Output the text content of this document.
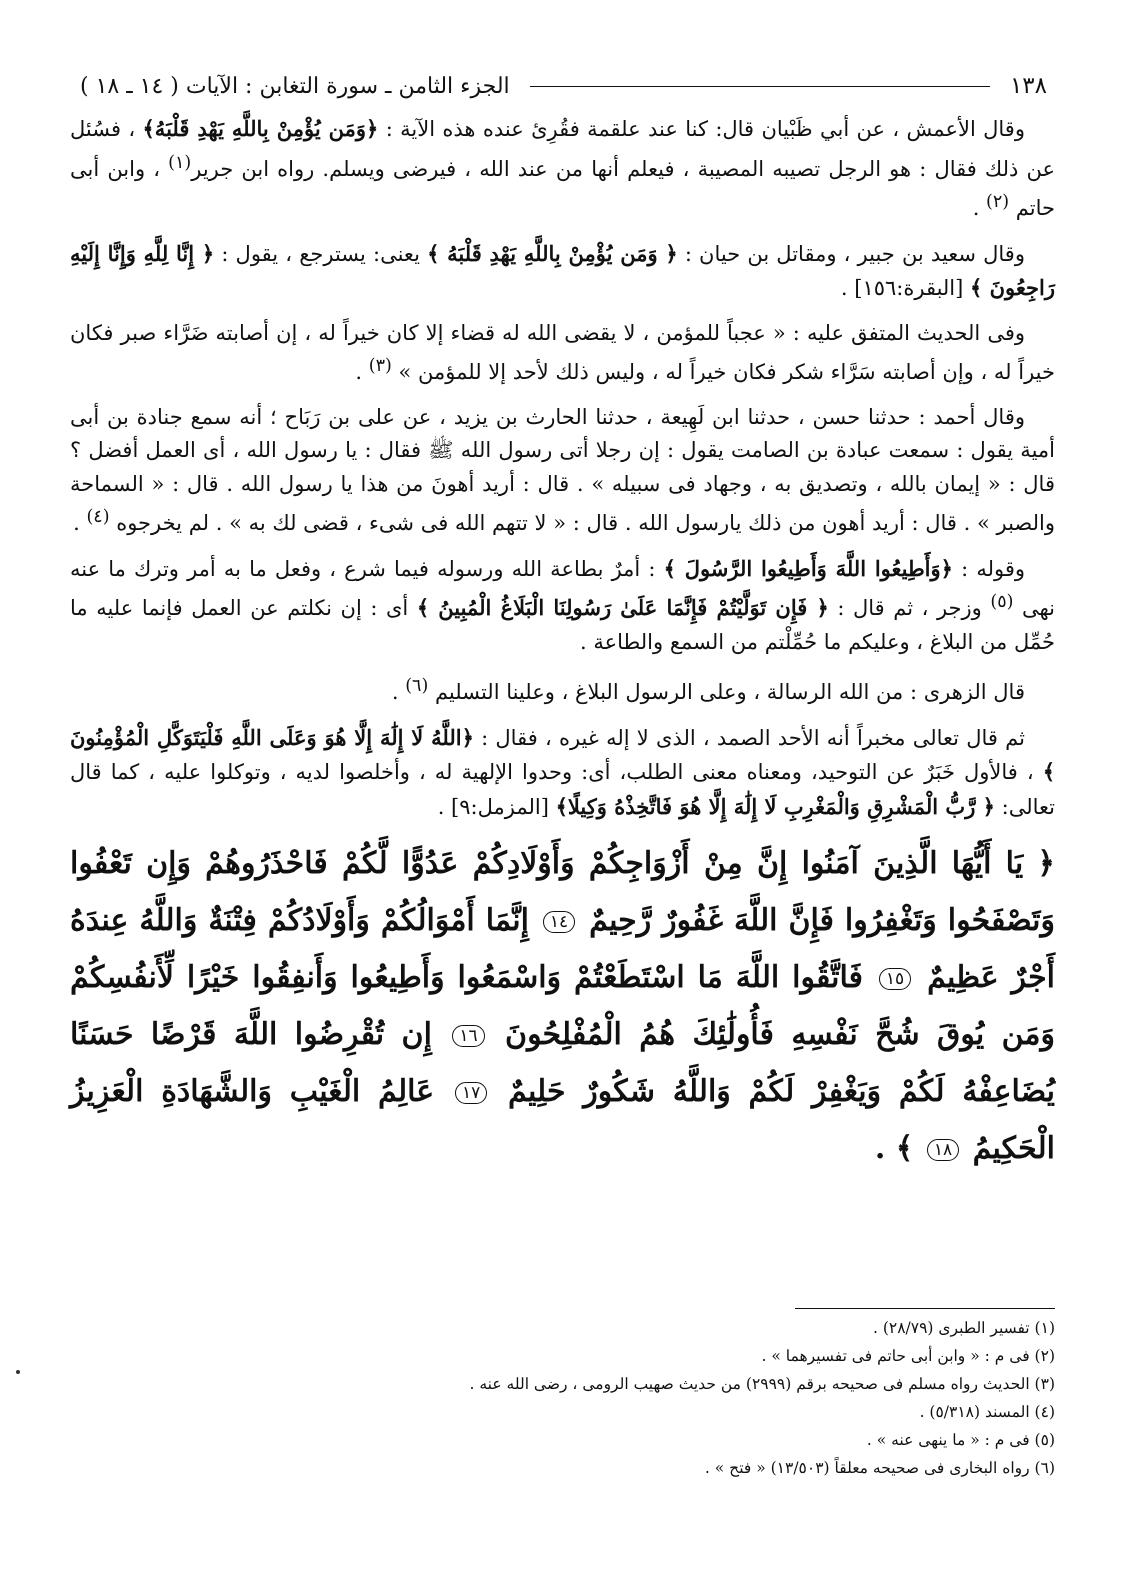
١٣٨
الجزء الثامن ـ سورة التغابن : الآيات ( ١٤ ـ ١٨ )

وقال الأعمش ، عن أبي ظَبْيان قال: كنا عند علقمة فقُرِئ عنده هذه الآية : ﴿وَمَن يُؤْمِنْ بِاللَّهِ يَهْدِ قَلْبَهُ﴾ ، فسُئل عن ذلك فقال : هو الرجل تصيبه المصيبة ، فيعلم أنها من عند الله ، فيرضى ويسلم. رواه ابن جرير$^{(١)}$ ، وابن أبى حاتم $^{(٢)}$ .

وقال سعيد بن جبير ، ومقاتل بن حيان : ﴿ وَمَن يُؤْمِنْ بِاللَّهِ يَهْدِ قَلْبَهُ ﴾ يعنى: يسترجع ، يقول : ﴿ إِنَّا لِلَّهِ وَإِنَّا إِلَيْهِ رَاجِعُونَ ﴾ [البقرة:١٥٦] .

وفى الحديث المتفق عليه : « عجباً للمؤمن ، لا يقضى الله له قضاء إلا كان خيراً له ، إن أصابته ضَرَّاء صبر فكان خيراً له ، وإن أصابته سَرَّاء شكر فكان خيراً له ، وليس ذلك لأحد إلا للمؤمن » $^{(٣)}$ .

وقال أحمد : حدثنا حسن ، حدثنا ابن لَهِيعة ، حدثنا الحارث بن يزيد ، عن على بن رَبَاح ؛ أنه سمع جنادة بن أبى أمية يقول : سمعت عبادة بن الصامت يقول : إن رجلا أتى رسول الله ﷺ فقال : يا رسول الله ، أى العمل أفضل ؟ قال : « إيمان بالله ، وتصديق به ، وجهاد فى سبيله » . قال : أريد أهونَ من هذا يا رسول الله . قال : « السماحة والصبر » . قال : أريد أهون من ذلك يارسول الله . قال : « لا تتهم الله فى شىء ، قضى لك به » . لم يخرجوه $^{(٤)}$ .

وقوله : ﴿وَأَطِيعُوا اللَّهَ وَأَطِيعُوا الرَّسُولَ ﴾ : أمرٌ بطاعة الله ورسوله فيما شرع ، وفعل ما به أمر وترك ما عنه نهى $^{(٥)}$ وزجر ، ثم قال : ﴿ فَإِن تَوَلَّيْتُمْ فَإِنَّمَا عَلَىٰ رَسُولِنَا الْبَلَاغُ الْمُبِينُ ﴾ أى : إن نكلتم عن العمل فإنما عليه ما حُمِّل من البلاغ ، وعليكم ما حُمِّلْتم من السمع والطاعة .

قال الزهرى : من الله الرسالة ، وعلى الرسول البلاغ ، وعلينا التسليم $^{(٦)}$ .

ثم قال تعالى مخبراً أنه الأحد الصمد ، الذى لا إله غيره ، فقال : ﴿اللَّهُ لَا إِلَٰهَ إِلَّا هُوَ وَعَلَى اللَّهِ فَلْيَتَوَكَّلِ الْمُؤْمِنُونَ ﴾ ، فالأول خَبَرٌ عن التوحيد، ومعناه معنى الطلب، أى: وحدوا الإلهية له ، وأخلصوا لديه ، وتوكلوا عليه ، كما قال تعالى: ﴿ رَّبُّ الْمَشْرِقِ وَالْمَغْرِبِ لَا إِلَٰهَ إِلَّا هُوَ فَاتَّخِذْهُ وَكِيلًا﴾ [المزمل:٩] .

﴿ يَا أَيُّهَا الَّذِينَ آمَنُوا إِنَّ مِنْ أَزْوَاجِكُمْ وَأَوْلَادِكُمْ عَدُوًّا لَّكُمْ فَاحْذَرُوهُمْ وَإِن تَعْفُوا وَتَصْفَحُوا وَتَغْفِرُوا فَإِنَّ اللَّهَ غَفُورٌ رَّحِيمٌ ١٤ إِنَّمَا أَمْوَالُكُمْ وَأَوْلَادُكُمْ فِتْنَةٌ وَاللَّهُ عِندَهُ أَجْرٌ عَظِيمٌ ١٥ فَاتَّقُوا اللَّهَ مَا اسْتَطَعْتُمْ وَاسْمَعُوا وَأَطِيعُوا وَأَنفِقُوا خَيْرًا لِّأَنفُسِكُمْ وَمَن يُوقَ شُحَّ نَفْسِهِ فَأُولَٰئِكَ هُمُ الْمُفْلِحُونَ ١٦ إِن تُقْرِضُوا اللَّهَ قَرْضًا حَسَنًا يُضَاعِفْهُ لَكُمْ وَيَغْفِرْ لَكُمْ وَاللَّهُ شَكُورٌ حَلِيمٌ ١٧ عَالِمُ الْغَيْبِ وَالشَّهَادَةِ الْعَزِيزُ الْحَكِيمُ ١٨ ﴾ .

(١) تفسير الطبرى (٢٨/٧٩) .

(٢) فى م : « وابن أبى حاتم فى تفسيرهما » .

(٣) الحديث رواه مسلم فى صحيحه برقم (٢٩٩٩) من حديث صهيب الرومى ، رضى الله عنه .

(٤) المسند (٥/٣١٨) .

(٥) فى م : « ما ينهى عنه » .

(٦) رواه البخارى فى صحيحه معلقاً (١٣/٥٠٣) « فتح » .
